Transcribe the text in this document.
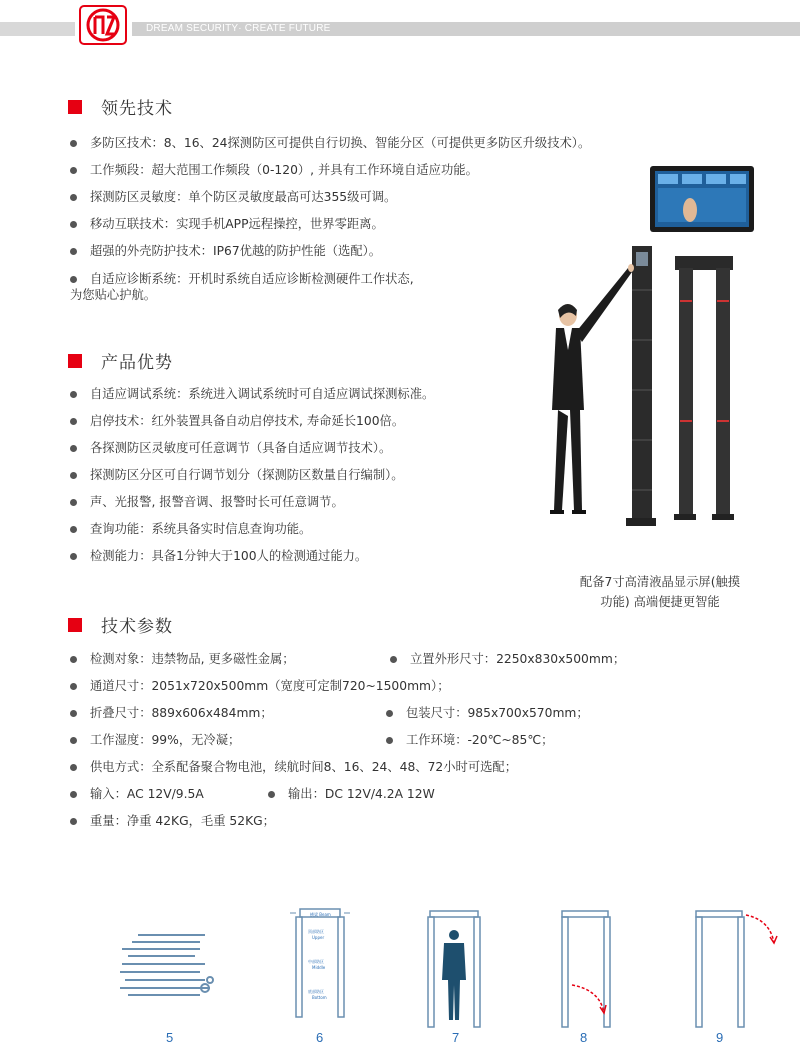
DREAM SECURITY· CREATE FUTURE
领先技术
多防区技术：8、16、24探测防区可提供自行切换、智能分区（可提供更多防区升级技术）。
工作频段：超大范围工作频段（0-120）, 并具有工作环境自适应功能。
探测防区灵敏度：单个防区灵敏度最高可达355级可调。
移动互联技术：实现手机APP远程操控，世界零距离。
超强的外壳防护技术：IP67优越的防护性能（选配）。
自适应诊断系统：开机时系统自适应诊断检测硬件工作状态,
为您贴心护航。
产品优势
自适应调试系统：系统进入调试系统时可自适应调试探测标准。
启停技术：红外装置具备自动启停技术, 寿命延长100倍。
各探测防区灵敏度可任意调节（具备自适应调节技术）。
探测防区分区可自行调节划分（探测防区数量自行编制）。
声、光报警, 报警音调、报警时长可任意调节。
查询功能：系统具备实时信息查询功能。
检测能力：具备1分钟大于100人的检测通过能力。
配备7寸高清液晶显示屏(触摸
功能) 高端便捷更智能
技术参数
检测对象：违禁物品, 更多磁性金属；	立置外形尺寸：2250x830x500mm；
通道尺寸：2051x720x500mm（宽度可定制720~1500mm）；
折叠尺寸：889x606x484mm；	包装尺寸：985x700x570mm；
工作湿度：99%，无冷凝；	工作环境：-20℃~85℃；
供电方式：全系配备聚合物电池，续航时间8、16、24、48、72小时可选配；
输入：AC 12V/9.5A	输出：DC 12V/4.2A 12W
重量：净重 42KG，毛重 52KG；
横梁 Beam
顶部防区
Upper
中部防区
Middle
底部防区
Bottom
5	6	7	8	9
